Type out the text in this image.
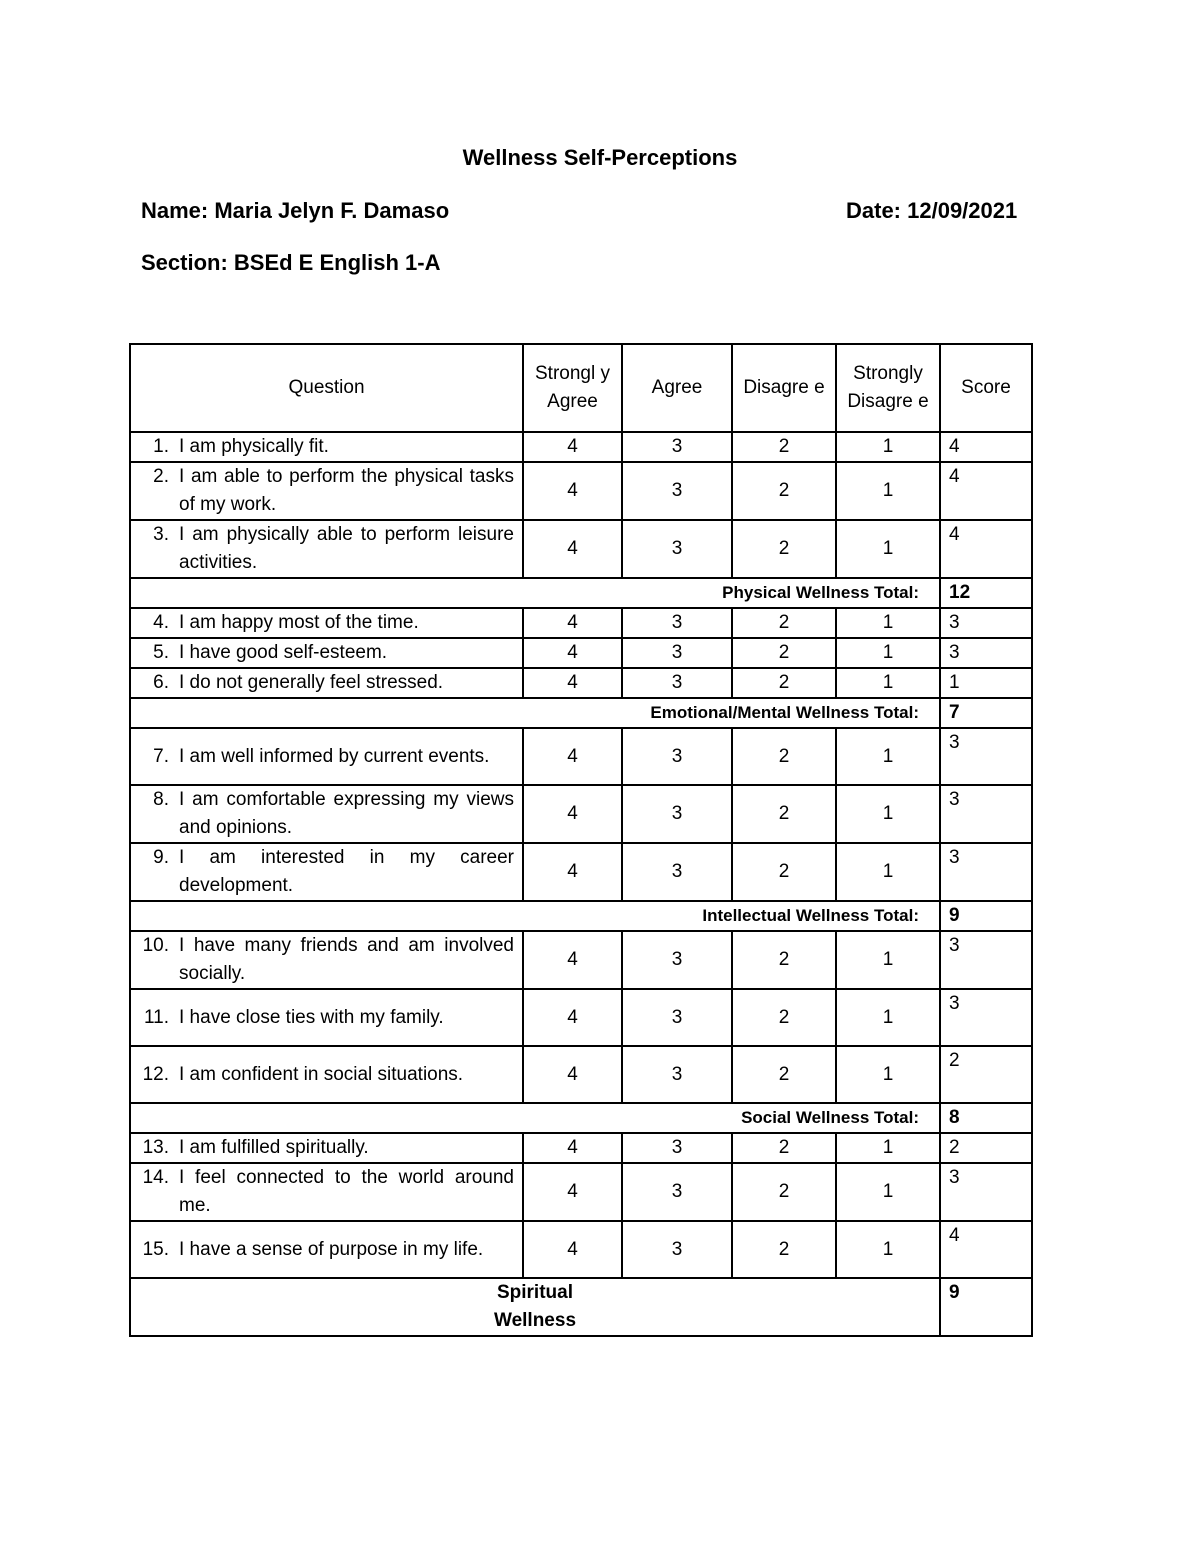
Wellness Self-Perceptions
Name: Maria Jelyn F. Damaso	Date: 12/09/2021
Section: BSEd E English 1-A
Question	Strongl y Agree	Agree	Disagre e	Strongly Disagre e	Score

1. I am physically fit.	4	3	2	1	4

2. I am able to perform the physical tasks of my work.	4	3	2	1	4

3. I am physically able to perform leisure activities.	4	3	2	1	4
Physical Wellness Total:					12

4. I am happy most of the time.	4	3	2	1	3

5. I have good self-esteem.	4	3	2	1	3

6. I do not generally feel stressed.	4	3	2	1	1
Emotional/Mental Wellness Total:					7

7. I am well informed by current events.	4	3	2	1	3

8. I am comfortable expressing my views and opinions.	4	3	2	1	3

9. I am interested in my career development.	4	3	2	1	3
Intellectual Wellness Total:					9

10. I have many friends and am involved socially.	4	3	2	1	3

11. I have close ties with my family.	4	3	2	1	3

12. I am confident in social situations.	4	3	2	1	2
Social Wellness Total:					8

13. I am fulfilled spiritually.	4	3	2	1	2

14. I feel connected to the world around me.	4	3	2	1	3

15. I have a sense of purpose in my life.	4	3	2	1	4

Spiritual Wellness					9
